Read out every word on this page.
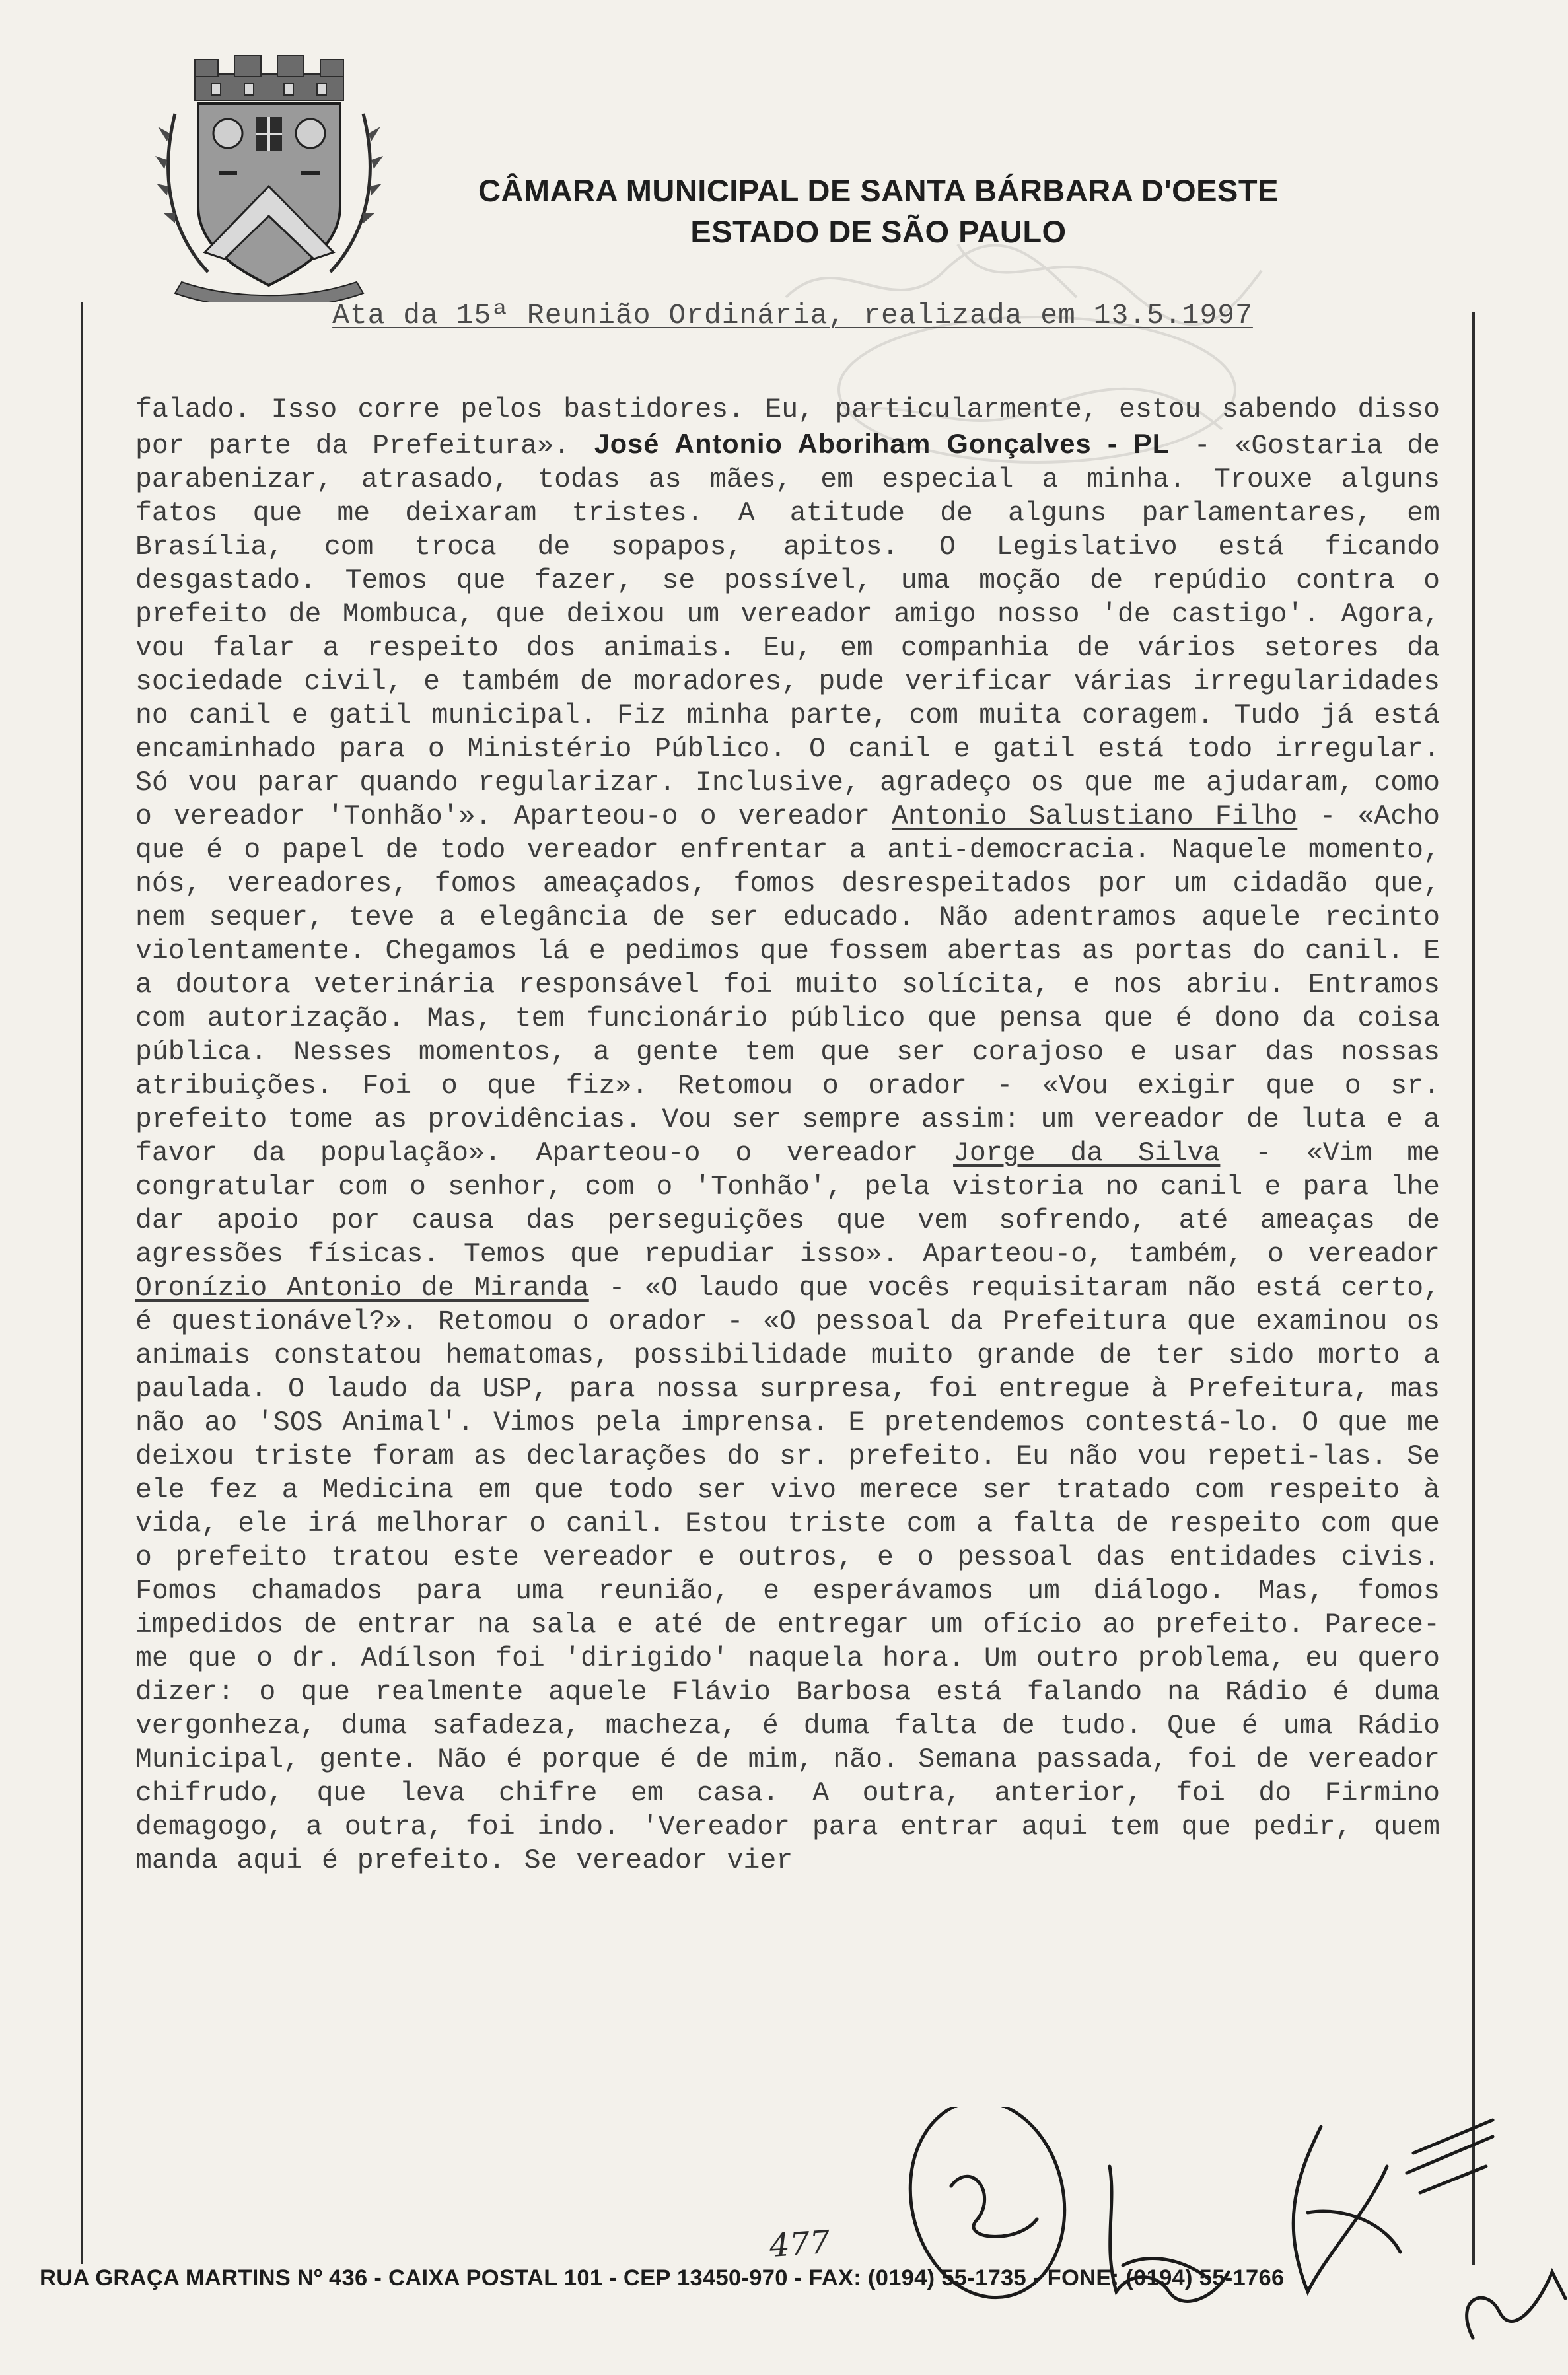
CÂMARA MUNICIPAL DE SANTA BÁRBARA D'OESTE
ESTADO DE SÃO PAULO
Ata da 15ª Reunião Ordinária, realizada em 13.5.1997
falado. Isso corre pelos bastidores. Eu, particularmente, estou sabendo disso por parte da Prefeitura». José Antonio Aboriham Gonçalves - PL - «Gostaria de parabenizar, atrasado, todas as mães, em especial a minha. Trouxe alguns fatos que me deixaram tristes. A atitude de alguns parlamentares, em Brasília, com troca de sopapos, apitos. O Legislativo está ficando desgastado. Temos que fazer, se possível, uma moção de repúdio contra o prefeito de Mombuca, que deixou um vereador amigo nosso 'de castigo'. Agora, vou falar a respeito dos animais. Eu, em companhia de vários setores da sociedade civil, e também de moradores, pude verificar várias irregularidades no canil e gatil municipal. Fiz minha parte, com muita coragem. Tudo já está encaminhado para o Ministério Público. O canil e gatil está todo irregular. Só vou parar quando regularizar. Inclusive, agradeço os que me ajudaram, como o vereador 'Tonhão'». Aparteou-o o vereador Antonio Salustiano Filho - «Acho que é o papel de todo vereador enfrentar a anti-democracia. Naquele momento, nós, vereadores, fomos ameaçados, fomos desrespeitados por um cidadão que, nem sequer, teve a elegância de ser educado. Não adentramos aquele recinto violentamente. Chegamos lá e pedimos que fossem abertas as portas do canil. E a doutora veterinária responsável foi muito solícita, e nos abriu. Entramos com autorização. Mas, tem funcionário público que pensa que é dono da coisa pública. Nesses momentos, a gente tem que ser corajoso e usar das nossas atribuições. Foi o que fiz». Retomou o orador - «Vou exigir que o sr. prefeito tome as providências. Vou ser sempre assim: um vereador de luta e a favor da população». Aparteou-o o vereador Jorge da Silva - «Vim me congratular com o senhor, com o 'Tonhão', pela vistoria no canil e para lhe dar apoio por causa das perseguições que vem sofrendo, até ameaças de agressões físicas. Temos que repudiar isso». Aparteou-o, também, o vereador Oronízio Antonio de Miranda - «O laudo que vocês requisitaram não está certo, é questionável?». Retomou o orador - «O pessoal da Prefeitura que examinou os animais constatou hematomas, possibilidade muito grande de ter sido morto a paulada. O laudo da USP, para nossa surpresa, foi entregue à Prefeitura, mas não ao 'SOS Animal'. Vimos pela imprensa. E pretendemos contestá-lo. O que me deixou triste foram as declarações do sr. prefeito. Eu não vou repeti-las. Se ele fez a Medicina em que todo ser vivo merece ser tratado com respeito à vida, ele irá melhorar o canil. Estou triste com a falta de respeito com que o prefeito tratou este vereador e outros, e o pessoal das entidades civis. Fomos chamados para uma reunião, e esperávamos um diálogo. Mas, fomos impedidos de entrar na sala e até de entregar um ofício ao prefeito. Parece-me que o dr. Adílson foi 'dirigido' naquela hora. Um outro problema, eu quero dizer: o que realmente aquele Flávio Barbosa está falando na Rádio é duma vergonheza, duma safadeza, macheza, é duma falta de tudo. Que é uma Rádio Municipal, gente. Não é porque é de mim, não. Semana passada, foi de vereador chifrudo, que leva chifre em casa. A outra, anterior, foi do Firmino demagogo, a outra, foi indo. 'Vereador para entrar aqui tem que pedir, quem manda aqui é prefeito. Se vereador vier
477
RUA GRAÇA MARTINS Nº 436 - CAIXA POSTAL 101 - CEP 13450-970 - FAX: (0194) 55-1735 - FONE: (0194) 55-1766
